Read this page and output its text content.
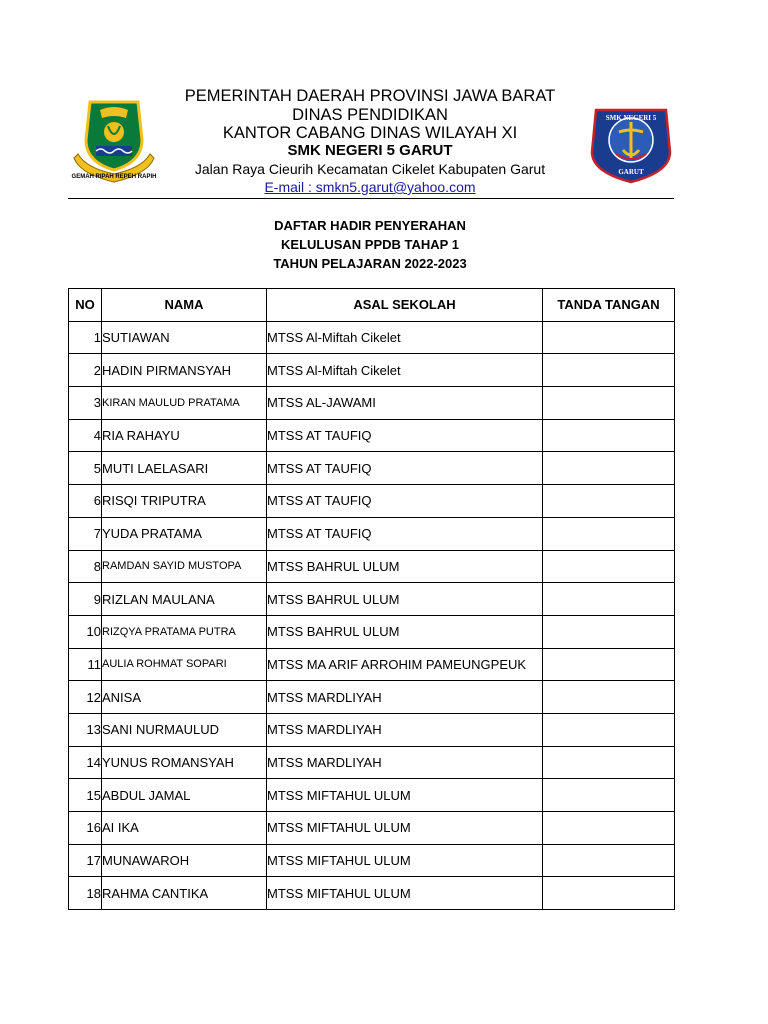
GEMAH RIPAH REPEH RAPIH
PEMERINTAH DAERAH PROVINSI JAWA BARAT
DINAS PENDIDIKAN
KANTOR CABANG DINAS WILAYAH XI
SMK NEGERI 5 GARUT
Jalan Raya Cieurih Kecamatan Cikelet Kabupaten Garut
E-mail : smkn5.garut@yahoo.com
SMK NEGERI 5
GARUT
DAFTAR HADIR PENYERAHAN
KELULUSAN PPDB TAHAP 1
TAHUN PELAJARAN 2022-2023
NO	NAMA	ASAL SEKOLAH	TANDA TANGAN
1	SUTIAWAN	MTSS Al-Miftah Cikelet	
2	HADIN PIRMANSYAH	MTSS Al-Miftah Cikelet	
3	KIRAN MAULUD PRATAMA	MTSS AL-JAWAMI	
4	RIA RAHAYU	MTSS AT TAUFIQ	
5	MUTI LAELASARI	MTSS AT TAUFIQ	
6	RISQI TRIPUTRA	MTSS AT TAUFIQ	
7	YUDA PRATAMA	MTSS AT TAUFIQ	
8	RAMDAN SAYID MUSTOPA	MTSS BAHRUL ULUM	
9	RIZLAN MAULANA	MTSS BAHRUL ULUM	
10	RIZQYA PRATAMA PUTRA	MTSS BAHRUL ULUM	
11	AULIA ROHMAT SOPARI	MTSS MA ARIF ARROHIM PAMEUNGPEUK	
12	ANISA	MTSS MARDLIYAH	
13	SANI NURMAULUD	MTSS MARDLIYAH	
14	YUNUS ROMANSYAH	MTSS MARDLIYAH	
15	ABDUL JAMAL	MTSS MIFTAHUL ULUM	
16	AI IKA	MTSS MIFTAHUL ULUM	
17	MUNAWAROH	MTSS MIFTAHUL ULUM	
18	RAHMA CANTIKA	MTSS MIFTAHUL ULUM	
